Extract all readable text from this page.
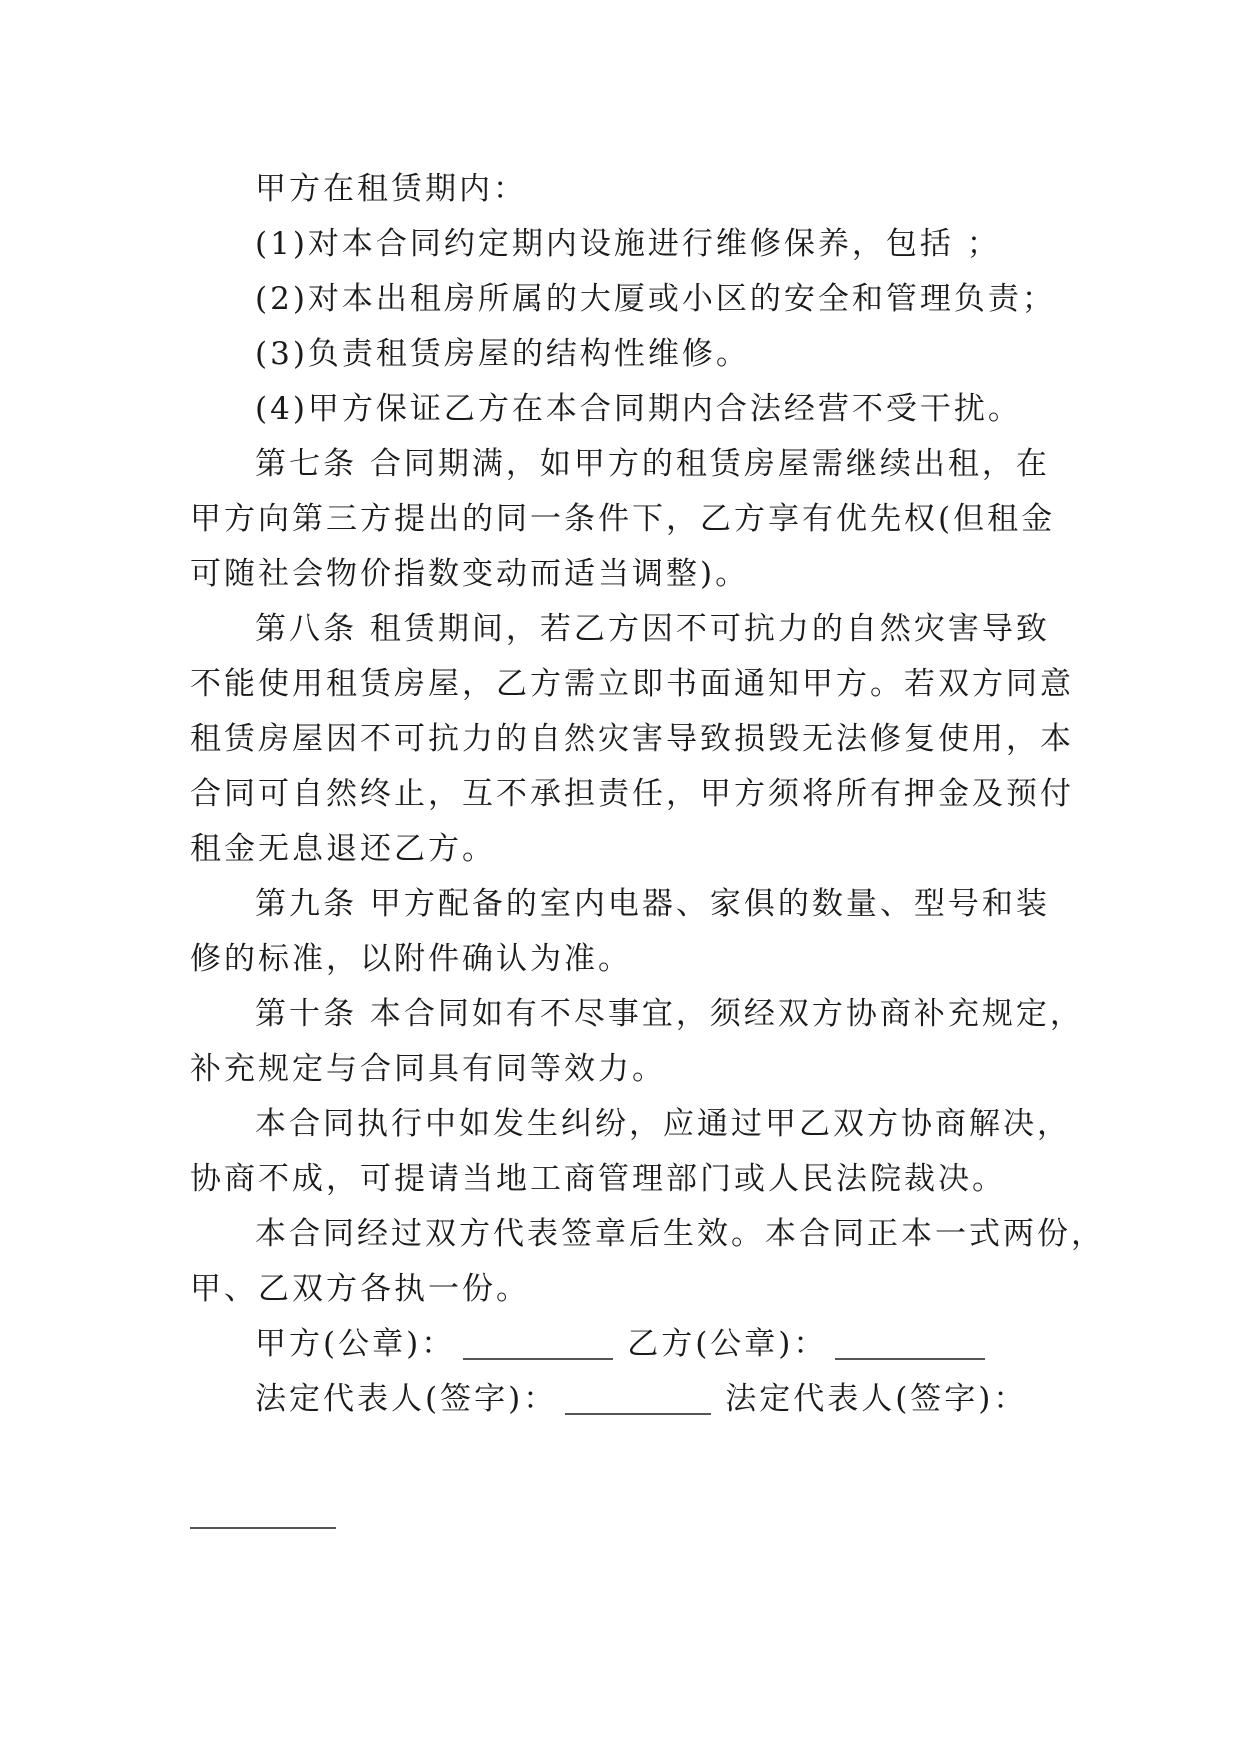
甲方在租赁期内：
(1)对本合同约定期内设施进行维修保养，包括 ；
(2)对本出租房所属的大厦或小区的安全和管理负责；
(3)负责租赁房屋的结构性维修。
(4)甲方保证乙方在本合同期内合法经营不受干扰。
第七条 合同期满，如甲方的租赁房屋需继续出租，在
甲方向第三方提出的同一条件下，乙方享有优先权(但租金
可随社会物价指数变动而适当调整)。
第八条 租赁期间，若乙方因不可抗力的自然灾害导致
不能使用租赁房屋，乙方需立即书面通知甲方。若双方同意
租赁房屋因不可抗力的自然灾害导致损毁无法修复使用，本
合同可自然终止，互不承担责任，甲方须将所有押金及预付
租金无息退还乙方。
第九条 甲方配备的室内电器、家俱的数量、型号和装
修的标准，以附件确认为准。
第十条 本合同如有不尽事宜，须经双方协商补充规定，
补充规定与合同具有同等效力。
本合同执行中如发生纠纷，应通过甲乙双方协商解决，
协商不成，可提请当地工商管理部门或人民法院裁决。
本合同经过双方代表签章后生效。本合同正本一式两份，
甲、乙双方各执一份。
甲方(公章)：	乙方(公章)：
法定代表人(签字)：	法定代表人(签字)：
